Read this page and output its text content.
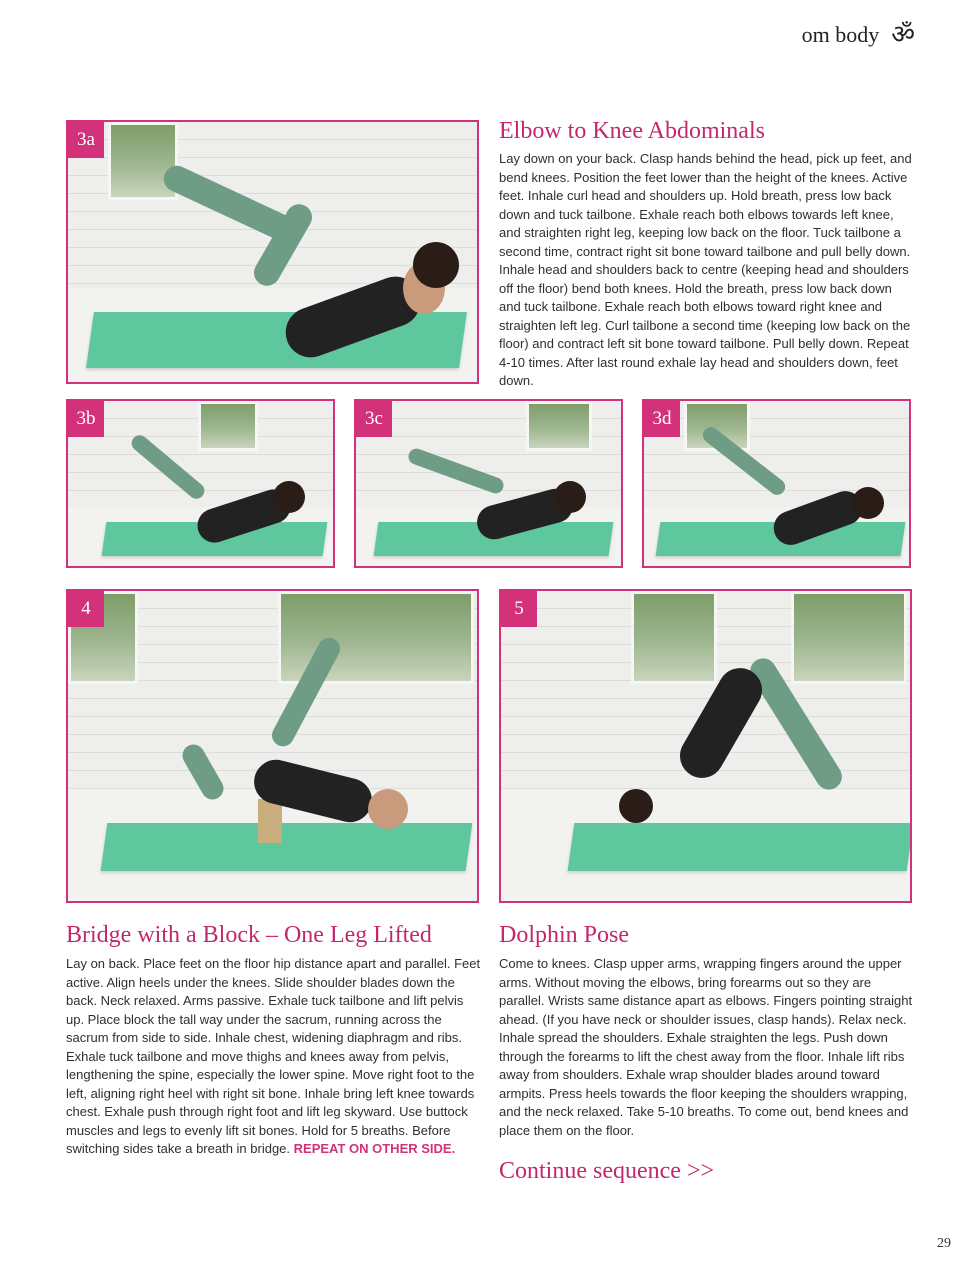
om body ॐ
3a	Elbow to Knee Abdominals

Lay down on your back. Clasp hands behind the head, pick up feet, and bend knees. Position the feet lower than the height of the knees. Active feet. Inhale curl head and shoulders up. Hold breath, press low back down and tuck tailbone. Exhale reach both elbows towards left knee, and straighten right leg, keeping low back on the floor. Tuck tailbone a second time, contract right sit bone toward tailbone and pull belly down. Inhale head and shoulders back to centre (keeping head and shoulders off the floor) bend both knees. Hold the breath, press low back down and tuck tailbone. Exhale reach both elbows toward right knee and straighten left leg. Curl tailbone a second time (keeping low back on the floor) and contract left sit bone toward tailbone. Pull belly down. Repeat 4-10 times. After last round exhale lay head and shoulders down, feet down.

3b	3c	3d
4	5
Bridge with a Block – One Leg Lifted

Lay on back. Place feet on the floor hip distance apart and parallel. Feet active. Align heels under the knees. Slide shoulder blades down the back. Neck relaxed. Arms passive. Exhale tuck tailbone and lift pelvis up. Place block the tall way under the sacrum, running across the sacrum from side to side. Inhale chest, widening diaphragm and ribs. Exhale tuck tailbone and move thighs and knees away from pelvis, lengthening the spine, especially the lower spine. Move right foot to the left, aligning right heel with right sit bone. Inhale bring left knee towards chest. Exhale push through right foot and lift leg skyward. Use buttock muscles and legs to evenly lift sit bones. Hold for 5 breaths. Before switching sides take a breath in bridge. REPEAT ON OTHER SIDE.

Dolphin Pose

Come to knees. Clasp upper arms, wrapping fingers around the upper arms. Without moving the elbows, bring forearms out so they are parallel. Wrists same distance apart as elbows. Fingers pointing straight ahead. (If you have neck or shoulder issues, clasp hands). Relax neck. Inhale spread the shoulders. Exhale straighten the legs. Push down through the forearms to lift the chest away from the floor. Inhale lift ribs away from shoulders. Exhale wrap shoulder blades around toward armpits. Press heels towards the floor keeping the shoulders wrapping, and the neck relaxed. Take 5-10 breaths. To come out, bend knees and place them on the floor.

Continue sequence >>
29
